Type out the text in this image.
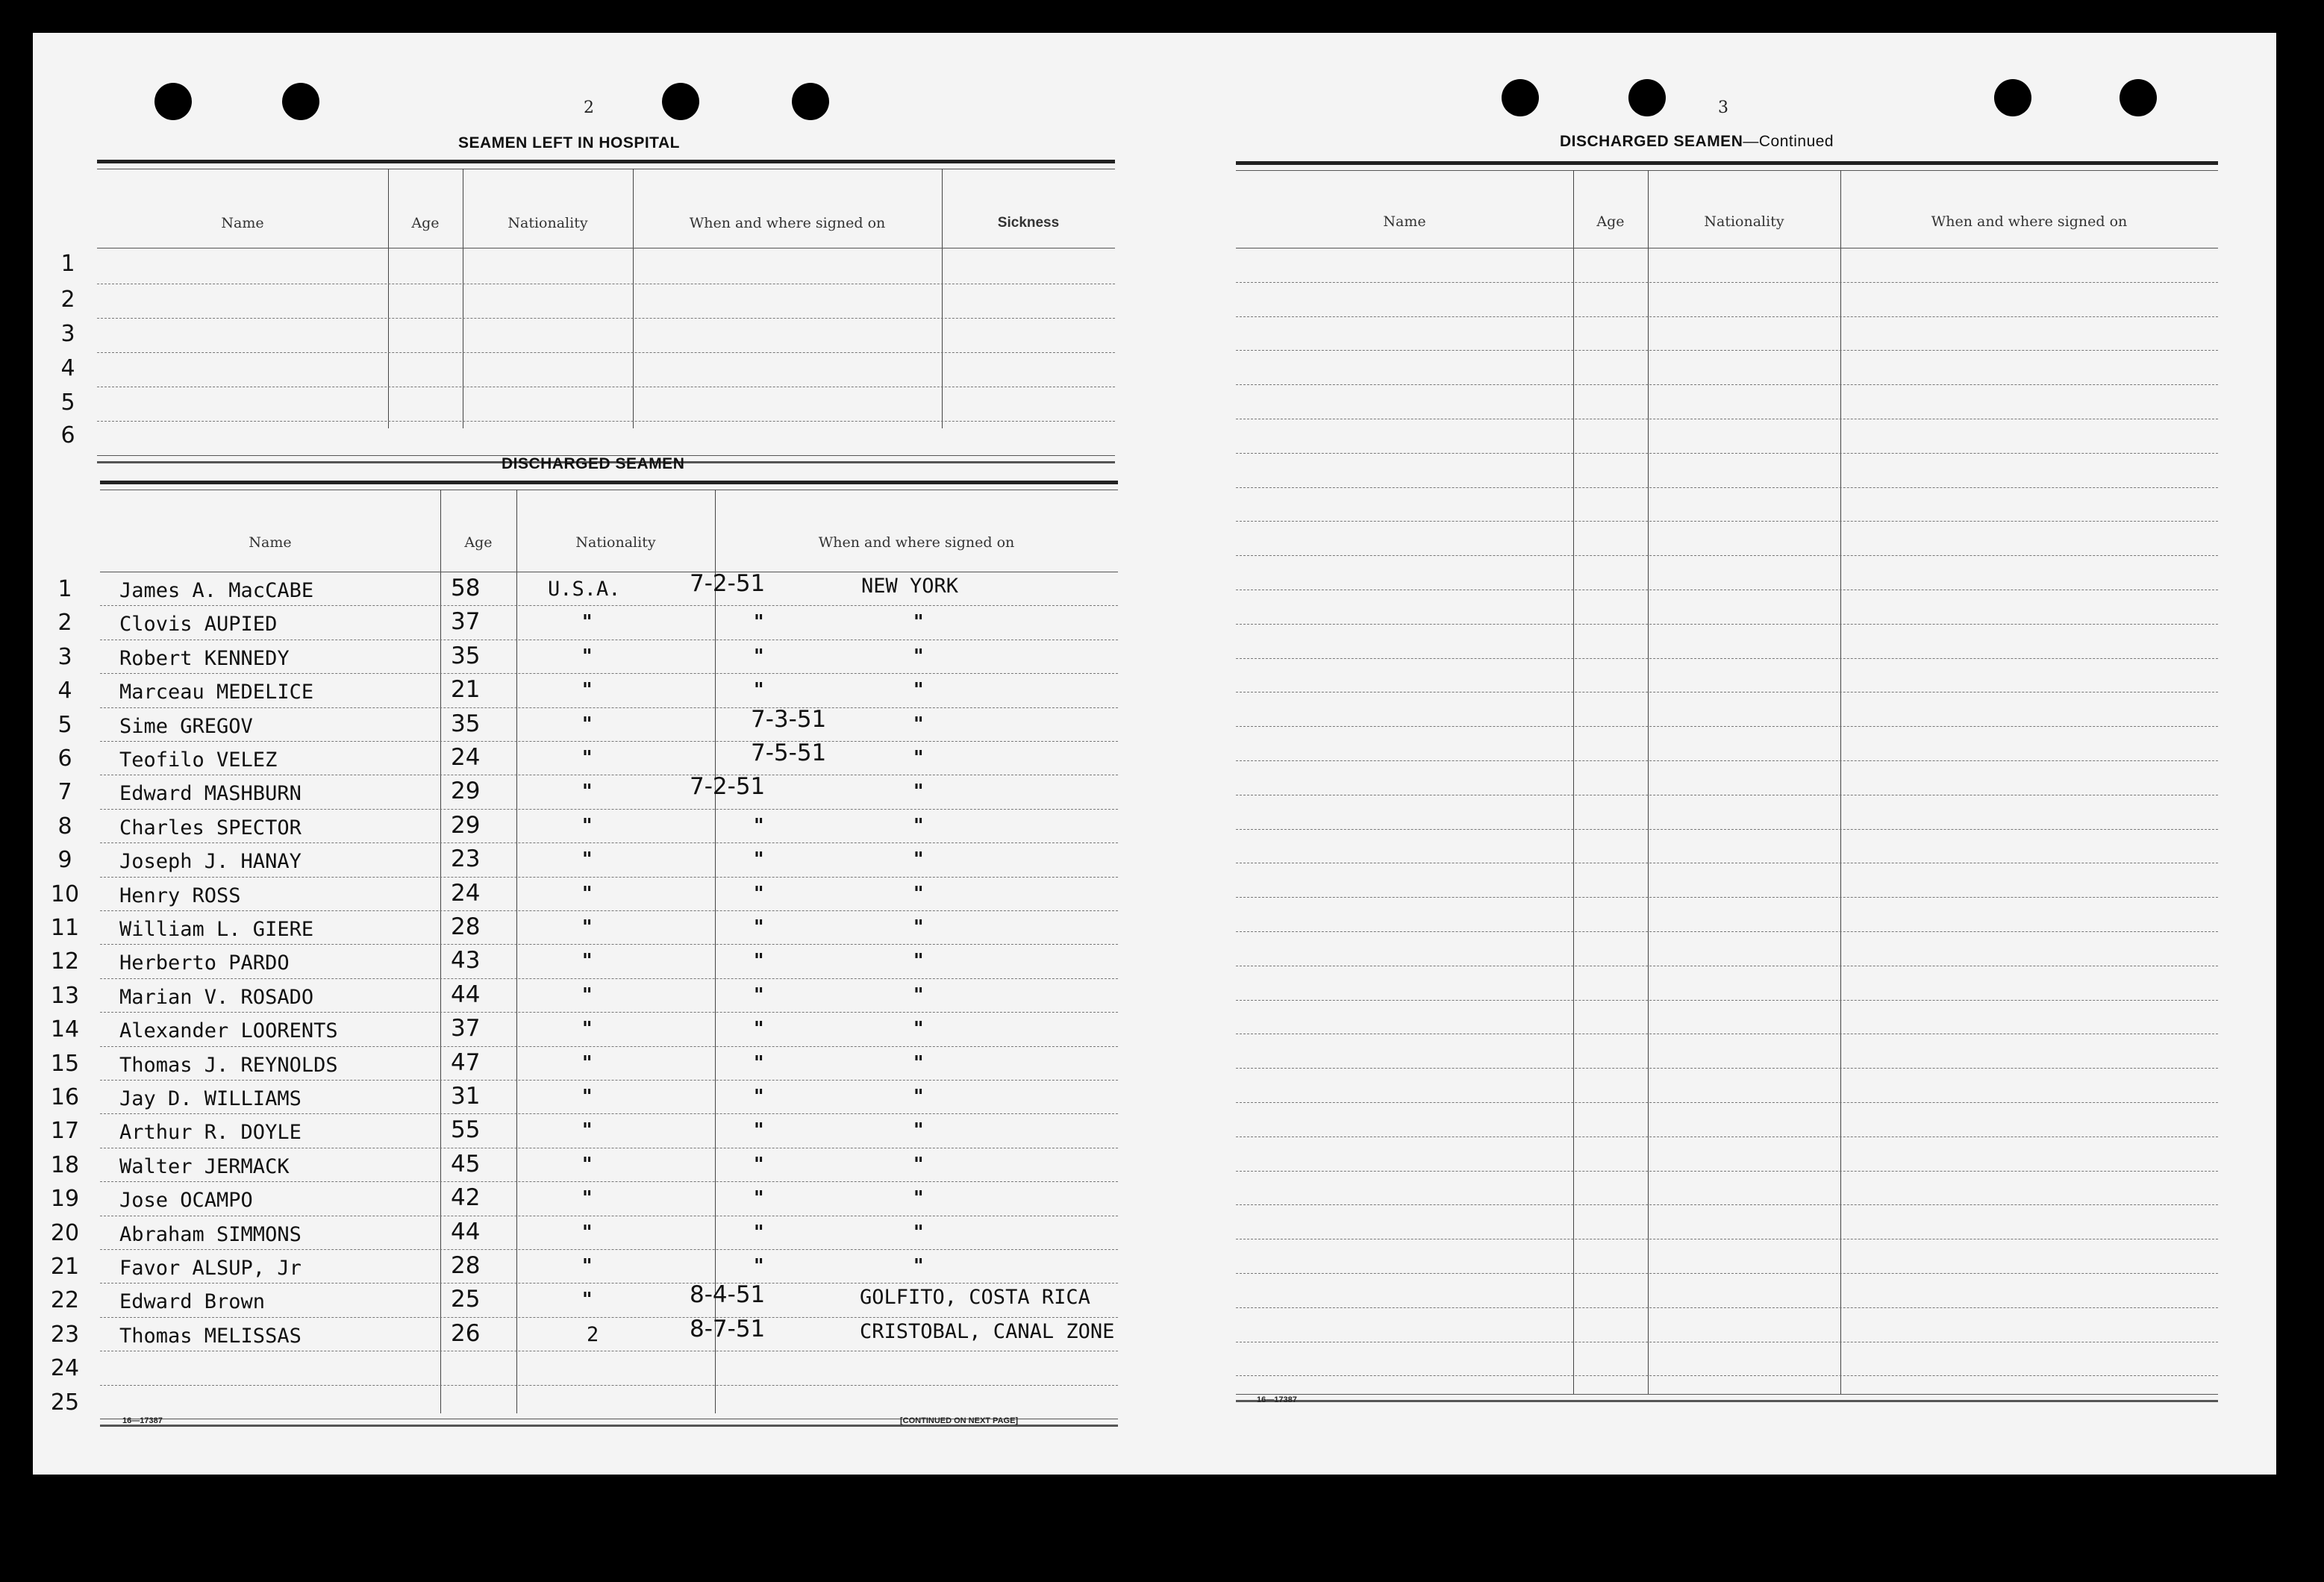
2
SEAMEN LEFT IN HOSPITAL
Name	Age	Nationality	When and where signed on	Sickness
1
2
3
4
5
6
DISCHARGED SEAMEN
Name	Age	Nationality	When and where signed on
1	James A. MacCABE	58	U.S.A.	7-2-51	NEW YORK
2	Clovis AUPIED	37	"	"	"
3	Robert KENNEDY	35	"	"	"
4	Marceau MEDELICE	21	"	"	"
5	Sime GREGOV	35	"	7-3-51	"
6	Teofilo VELEZ	24	"	7-5-51	"
7	Edward MASHBURN	29	"	7-2-51	"
8	Charles SPECTOR	29	"	"	"
9	Joseph J. HANAY	23	"	"	"
10 Henry ROSS	24	"	"	"
11 William L. GIERE	28	"	"	"
12 Herberto PARDO	43	"	"	"
13 Marian V. ROSADO	44	"	"	"
14 Alexander LOORENTS	37	"	"	"
15 Thomas J. REYNOLDS	47	"	"	"
16 Jay D. WILLIAMS	31	"	"	"
17 Arthur R. DOYLE	55	"	"	"
18 Walter JERMACK	45	"	"	"
19 Jose OCAMPO	42	"	"	"
20 Abraham SIMMONS	44	"	"	"
21 Favor ALSUP, Jr	28	"	"	"
22 Edward Brown	25	"	8-4-51	GOLFITO, COSTA RICA
23 Thomas MELISSAS	26	2	8-7-51	CRISTOBAL, CANAL ZONE
24
25
16—17387	[CONTINUED ON NEXT PAGE]
3
DISCHARGED SEAMEN—Continued
Name	Age	Nationality	When and where signed on
16—17387
